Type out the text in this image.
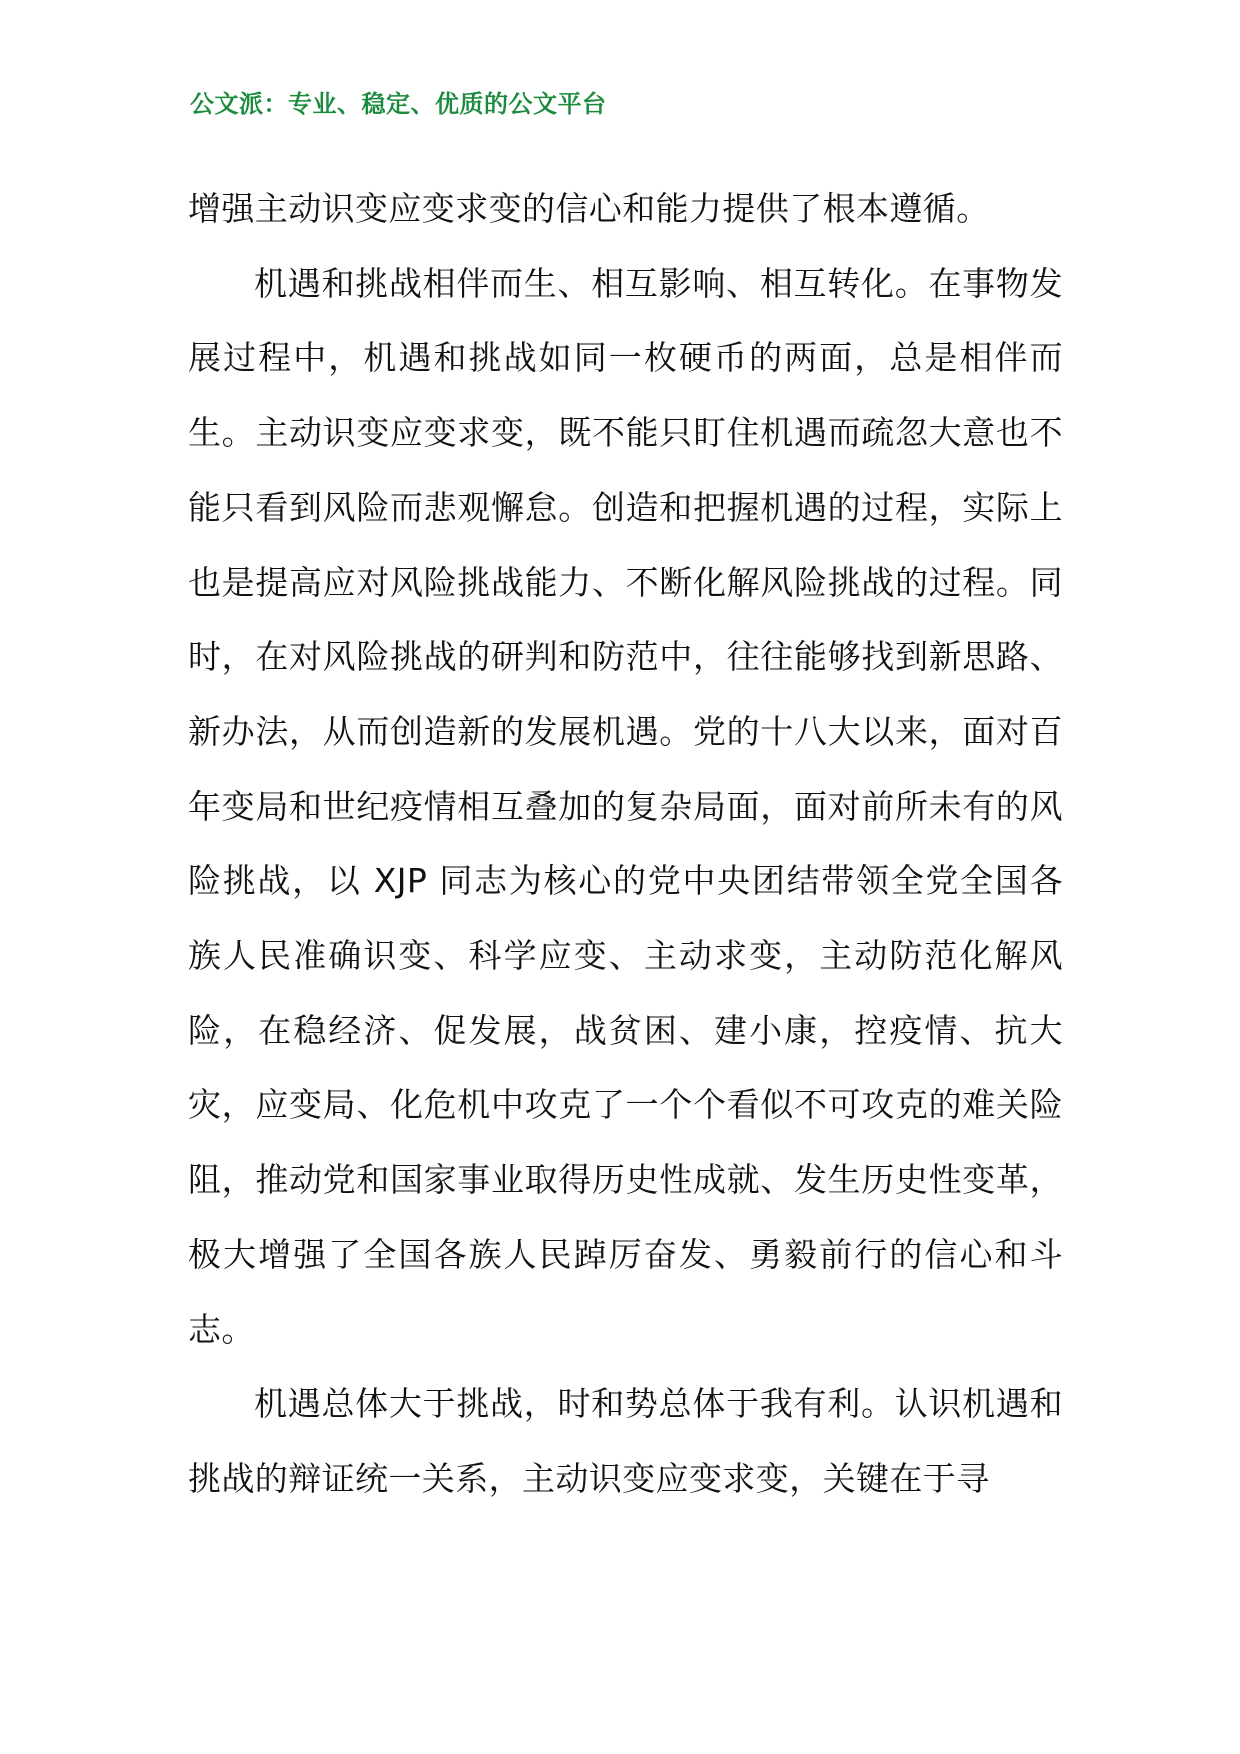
公文派：专业、稳定、优质的公文平台

增强主动识变应变求变的信心和能力提供了根本遵循。

机遇和挑战相伴而生、相互影响、相互转化。在事物发展过程中，机遇和挑战如同一枚硬币的两面，总是相伴而生。主动识变应变求变，既不能只盯住机遇而疏忽大意也不能只看到风险而悲观懈怠。创造和把握机遇的过程，实际上也是提高应对风险挑战能力、不断化解风险挑战的过程。同时，在对风险挑战的研判和防范中，往往能够找到新思路、新办法，从而创造新的发展机遇。党的十八大以来，面对百年变局和世纪疫情相互叠加的复杂局面，面对前所未有的风险挑战，以 XJP 同志为核心的党中央团结带领全党全国各族人民准确识变、科学应变、主动求变，主动防范化解风险，在稳经济、促发展，战贫困、建小康，控疫情、抗大灾，应变局、化危机中攻克了一个个看似不可攻克的难关险阻，推动党和国家事业取得历史性成就、发生历史性变革，极大增强了全国各族人民踔厉奋发、勇毅前行的信心和斗志。

机遇总体大于挑战，时和势总体于我有利。认识机遇和挑战的辩证统一关系，主动识变应变求变，关键在于寻
